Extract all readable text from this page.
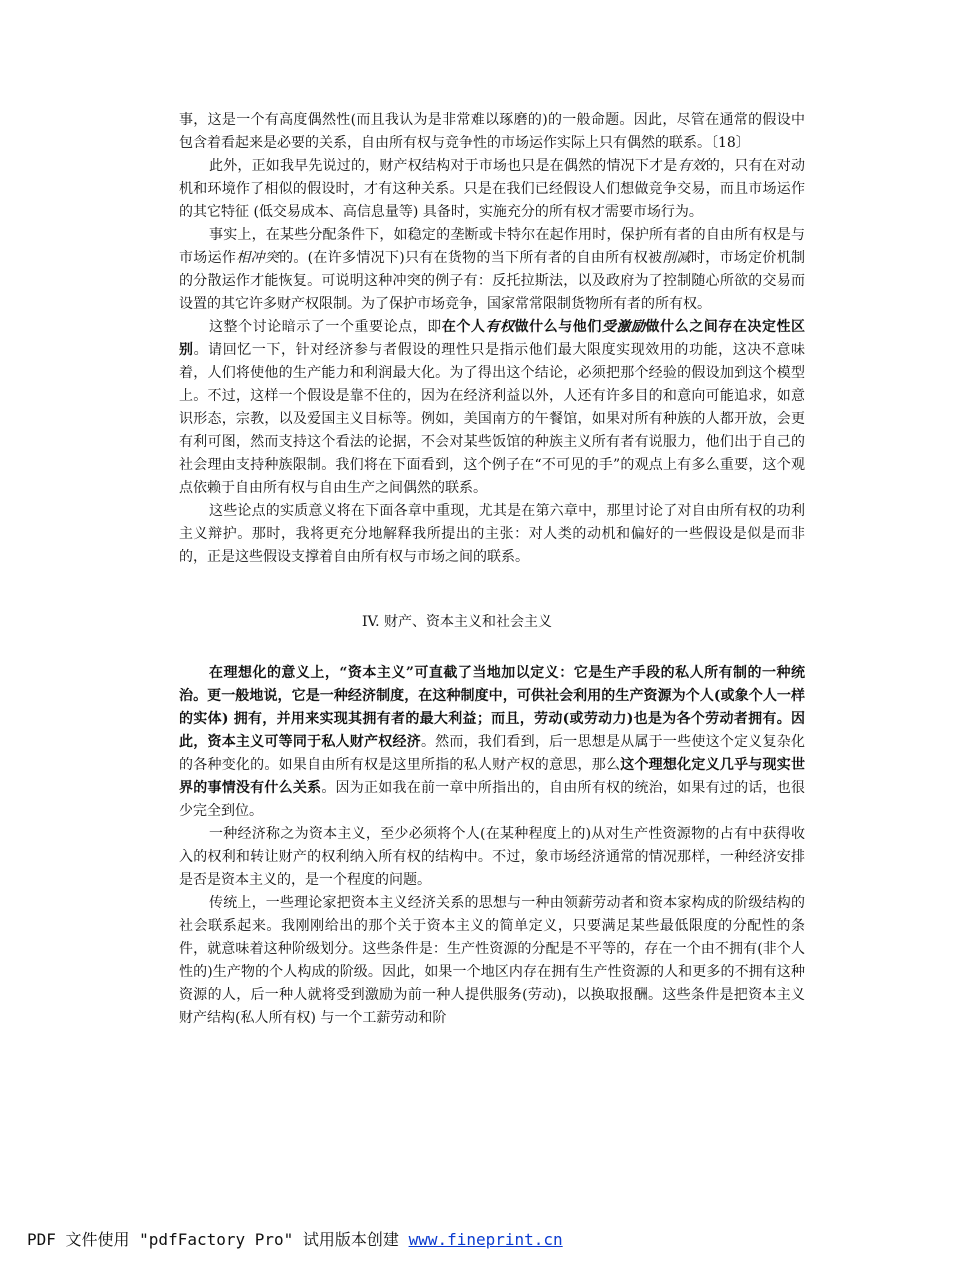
事，这是一个有高度偶然性(而且我认为是非常难以琢磨的)的一般命题。因此，尽管在通常的假设中包含着看起来是必要的关系，自由所有权与竞争性的市场运作实际上只有偶然的联系。〔18〕

此外，正如我早先说过的，财产权结构对于市场也只是在偶然的情况下才是有效的，只有在对动机和环境作了相似的假设时，才有这种关系。只是在我们已经假设人们想做竞争交易，而且市场运作的其它特征 (低交易成本、高信息量等) 具备时，实施充分的所有权才需要市场行为。

事实上，在某些分配条件下，如稳定的垄断或卡特尔在起作用时，保护所有者的自由所有权是与市场运作相冲突的。(在许多情况下)只有在货物的当下所有者的自由所有权被削减时，市场定价机制的分散运作才能恢复。可说明这种冲突的例子有：反托拉斯法，以及政府为了控制随心所欲的交易而设置的其它许多财产权限制。为了保护市场竞争，国家常常限制货物所有者的所有权。

这整个讨论暗示了一个重要论点，即在个人有权做什么与他们受激励做什么之间存在决定性区别。请回忆一下，针对经济参与者假设的理性只是指示他们最大限度实现效用的功能，这决不意味着，人们将使他的生产能力和利润最大化。为了得出这个结论，必须把那个经验的假设加到这个模型上。不过，这样一个假设是靠不住的，因为在经济利益以外，人还有许多目的和意向可能追求，如意识形态，宗教，以及爱国主义目标等。例如，美国南方的午餐馆，如果对所有种族的人都开放，会更有利可图，然而支持这个看法的论据，不会对某些饭馆的种族主义所有者有说服力，他们出于自己的社会理由支持种族限制。我们将在下面看到，这个例子在“不可见的手”的观点上有多么重要，这个观点依赖于自由所有权与自由生产之间偶然的联系。

这些论点的实质意义将在下面各章中重现，尤其是在第六章中，那里讨论了对自由所有权的功利主义辩护。那时，我将更充分地解释我所提出的主张：对人类的动机和偏好的一些假设是似是而非的，正是这些假设支撑着自由所有权与市场之间的联系。

IV. 财产、资本主义和社会主义

在理想化的意义上，“资本主义”可直截了当地加以定义：它是生产手段的私人所有制的一种统治。更一般地说，它是一种经济制度，在这种制度中，可供社会利用的生产资源为个人(或象个人一样的实体) 拥有，并用来实现其拥有者的最大利益；而且，劳动(或劳动力)也是为各个劳动者拥有。因此，资本主义可等同于私人财产权经济。然而，我们看到，后一思想是从属于一些使这个定义复杂化的各种变化的。如果自由所有权是这里所指的私人财产权的意思，那么这个理想化定义几乎与现实世界的事情没有什么关系。因为正如我在前一章中所指出的，自由所有权的统治，如果有过的话，也很少完全到位。

一种经济称之为资本主义，至少必须将个人(在某种程度上的)从对生产性资源物的占有中获得收入的权利和转让财产的权利纳入所有权的结构中。不过，象市场经济通常的情况那样，一种经济安排是否是资本主义的，是一个程度的问题。

传统上，一些理论家把资本主义经济关系的思想与一种由领薪劳动者和资本家构成的阶级结构的社会联系起来。我刚刚给出的那个关于资本主义的简单定义，只要满足某些最低限度的分配性的条件，就意味着这种阶级划分。这些条件是：生产性资源的分配是不平等的，存在一个由不拥有(非个人性的)生产物的个人构成的阶级。因此，如果一个地区内存在拥有生产性资源的人和更多的不拥有这种资源的人，后一种人就将受到激励为前一种人提供服务(劳动)，以换取报酬。这些条件是把资本主义财产结构(私人所有权) 与一个工薪劳动和阶

PDF 文件使用 "pdfFactory Pro" 试用版本创建 www.fineprint.cn
